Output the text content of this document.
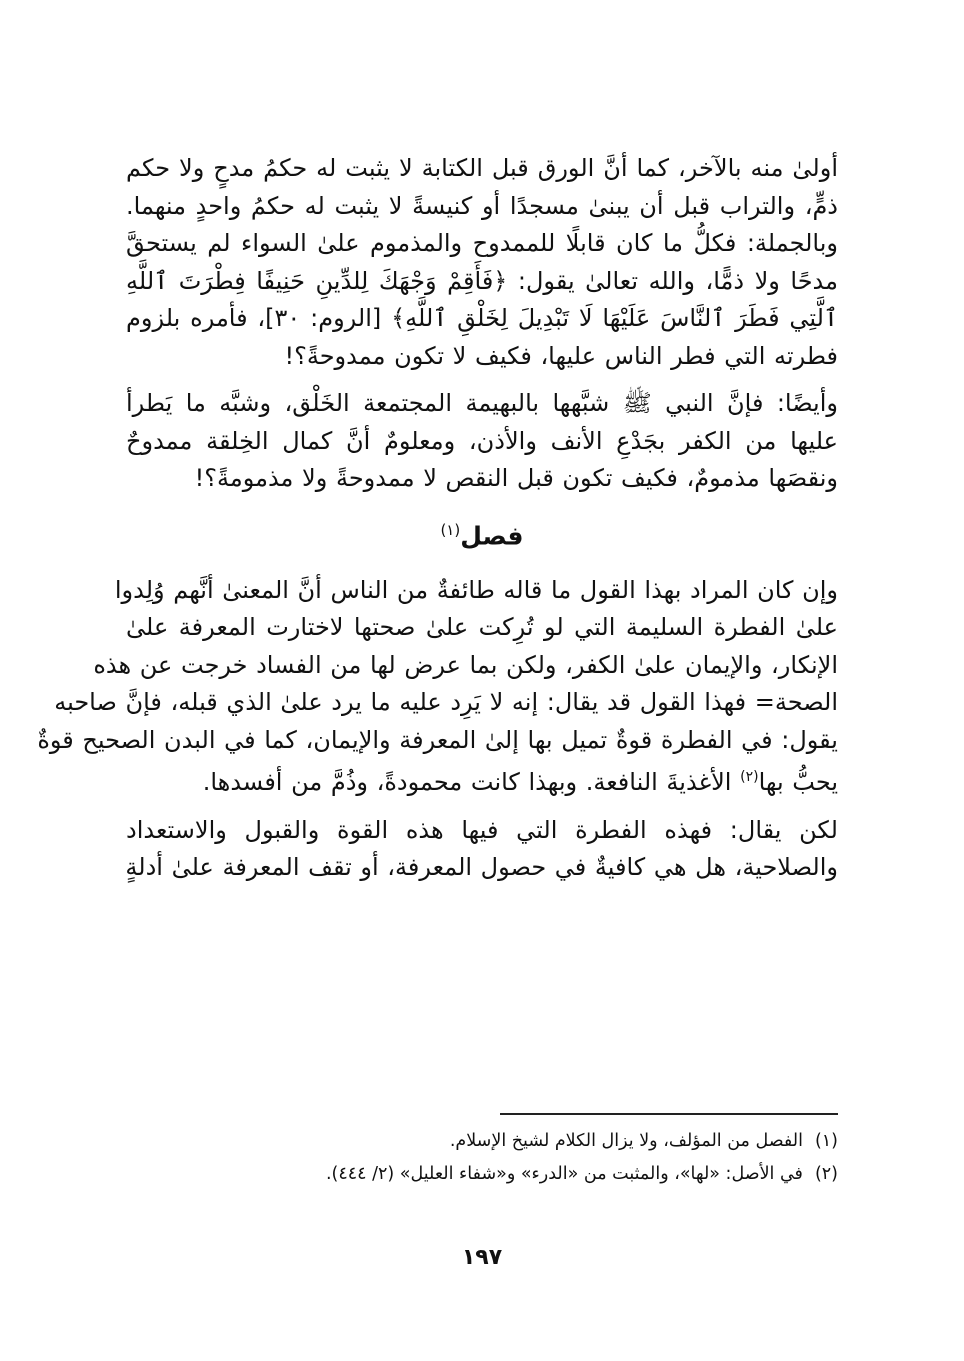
أولىٰ منه بالآخر، كما أنَّ الورق قبل الكتابة لا يثبت له حكمُ مدحٍ ولا حكم
ذمٍّ، والتراب قبل أن يبنىٰ مسجدًا أو كنيسةً لا يثبت له حكمُ واحدٍ منهما.
وبالجملة: فكلُّ ما كان قابلًا للممدوح والمذموم علىٰ السواء لم يستحقَّ
مدحًا ولا ذمًّا، والله تعالىٰ يقول: ﴿فَأَقِمْ وَجْهَكَ لِلدِّينِ حَنِيفًا فِطْرَتَ ٱللَّهِ
ٱلَّتِي فَطَرَ ٱلنَّاسَ عَلَيْهَا لَا تَبْدِيلَ لِخَلْقِ ٱللَّهِ﴾ [الروم: ٣٠]، فأمره بلزوم
فطرته التي فطر الناس عليها، فكيف لا تكون ممدوحةً؟!

وأيضًا: فإنَّ النبي ﷺ شبَّهها بالبهيمة المجتمعة الخَلْق، وشبَّه ما يَطرأ
عليها من الكفر بجَدْعِ الأنف والأذن، ومعلومٌ أنَّ كمال الخِلقة ممدوحٌ
ونقصَها مذمومٌ، فكيف تكون قبل النقص لا ممدوحةً ولا مذمومةً؟!

فصل$^{(١)}$

وإن كان المراد بهذا القول ما قاله طائفةٌ من الناس أنَّ المعنىٰ أنَّهم وُلِدوا
علىٰ الفطرة السليمة التي لو تُرِكت علىٰ صحتها لاختارت المعرفة علىٰ
الإنكار، والإيمان علىٰ الكفر، ولكن بما عرض لها من الفساد خرجت عن هذه
الصحة= فهذا القول قد يقال: إنه لا يَرِد عليه ما يرد علىٰ الذي قبله، فإنَّ صاحبه
يقول: في الفطرة قوةٌ تميل بها إلىٰ المعرفة والإيمان، كما في البدن الصحيح قوةٌ
يحبُّ بها$^{(٢)}$ الأغذيةَ النافعة. وبهذا كانت محمودةً، وذُمَّ من أفسدها.

لكن يقال: فهذه الفطرة التي فيها هذه القوة والقبول والاستعداد
والصلاحية، هل هي كافيةٌ في حصول المعرفة، أو تقف المعرفة علىٰ أدلةٍ

(١)الفصل من المؤلف، ولا يزال الكلام لشيخ الإسلام.
(٢)في الأصل: «لها»، والمثبت من «الدرء» و«شفاء العليل» (٢/ ٤٤٤).
١٩٧
